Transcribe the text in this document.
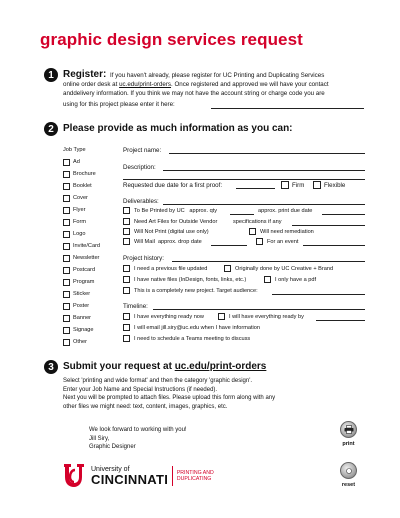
graphic design services request
1 Register: If you haven't already, please register for UC Printing and Duplicating Services
online order desk at uc.edu/print-orders. Once registered and approved we will have your contact
anddelivery information. If you think we may not have the account string or charge code you are
using for this project please enter it here:
2 Please provide as much information as you can:
Job Type
Ad
Brochure
Booklet
Cover
Flyer
Form
Logo
Invite/Card
Newsletter
Postcard
Program
Sticker
Poster
Banner
Signage
Other
Project name:
Description:
Requested due date for a first proof:	Firm	Flexible
Deliverables:
To Be Printed by UC approx. qty	approx. print due date
Need Art Files for Outside Vendor	specifications if any
Will Not Print (digital use only)	Will need remediation
Will Mail approx. drop date	For an event
Project history:
I need a previous file updated	Originally done by UC Creative + Brand
I have native files (InDesign, fonts, links, etc.)	I only have a pdf
This is a completely new project. Target audience:
Timeline:
I have everything ready now	I will have everything ready by
I will email jill.siry@uc.edu when I have information
I need to schedule a Teams meeting to discuss
3 Submit your request at uc.edu/print-orders
Select 'printing and wide format' and then the category 'graphic design'.
Enter your Job Name and Special Instructions (if needed).
Next you will be prompted to attach files. Please upload this form along with any
other files we might need: text, content, images, graphics, etc.
We look forward to working with you!
Jill Siry,
Graphic Designer
University of
CINCINNATI PRINTING AND
DUPLICATING
print
reset
